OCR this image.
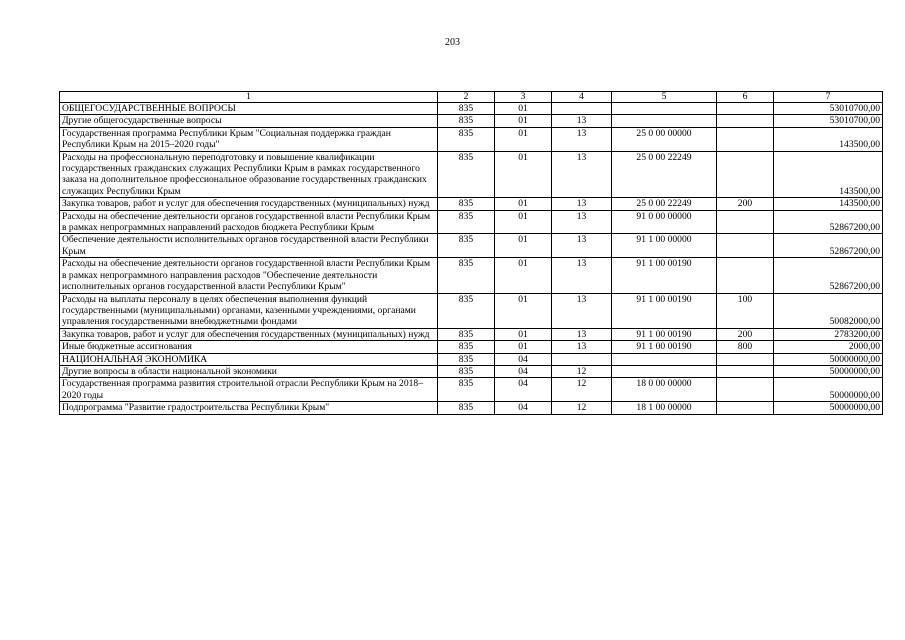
203
1	2	3	4	5	6	7
ОБЩЕГОСУДАРСТВЕННЫЕ ВОПРОСЫ	835	01				53010700,00
Другие общегосударственные вопросы	835	01	13			53010700,00
Государственная программа Республики Крым "Социальная поддержка граждан Республики Крым на 2015–2020 годы"	835	01	13	25 0 00 00000		143500,00
Расходы на профессиональную переподготовку и повышение квалификации государственных гражданских служащих Республики Крым в рамках государственного заказа на дополнительное профессиональное образование государственных гражданских служащих Республики Крым	835	01	13	25 0 00 22249		143500,00
Закупка товаров, работ и услуг для обеспечения государственных (муниципальных) нужд	835	01	13	25 0 00 22249	200	143500,00
Расходы на обеспечение деятельности органов государственной власти Республики Крым в рамках непрограммных направлений расходов бюджета Республики Крым	835	01	13	91 0 00 00000		52867200,00
Обеспечение деятельности исполнительных органов государственной власти Республики Крым	835	01	13	91 1 00 00000		52867200,00
Расходы на обеспечение деятельности органов государственной власти Республики Крым в рамках непрограммного направления расходов "Обеспечение деятельности исполнительных органов государственной власти Республики Крым"	835	01	13	91 1 00 00190		52867200,00
Расходы на выплаты персоналу в целях обеспечения выполнения функций государственными (муниципальными) органами, казенными учреждениями, органами управления государственными внебюджетными фондами	835	01	13	91 1 00 00190	100	50082000,00
Закупка товаров, работ и услуг для обеспечения государственных (муниципальных) нужд	835	01	13	91 1 00 00190	200	2783200,00
Иные бюджетные ассигнования	835	01	13	91 1 00 00190	800	2000,00
НАЦИОНАЛЬНАЯ ЭКОНОМИКА	835	04				50000000,00
Другие вопросы в области национальной экономики	835	04	12			50000000,00
Государственная программа развития строительной отрасли Республики Крым на 2018–2020 годы	835	04	12	18 0 00 00000		50000000,00
Подпрограмма "Развитие градостроительства Республики Крым"	835	04	12	18 1 00 00000		50000000,00
